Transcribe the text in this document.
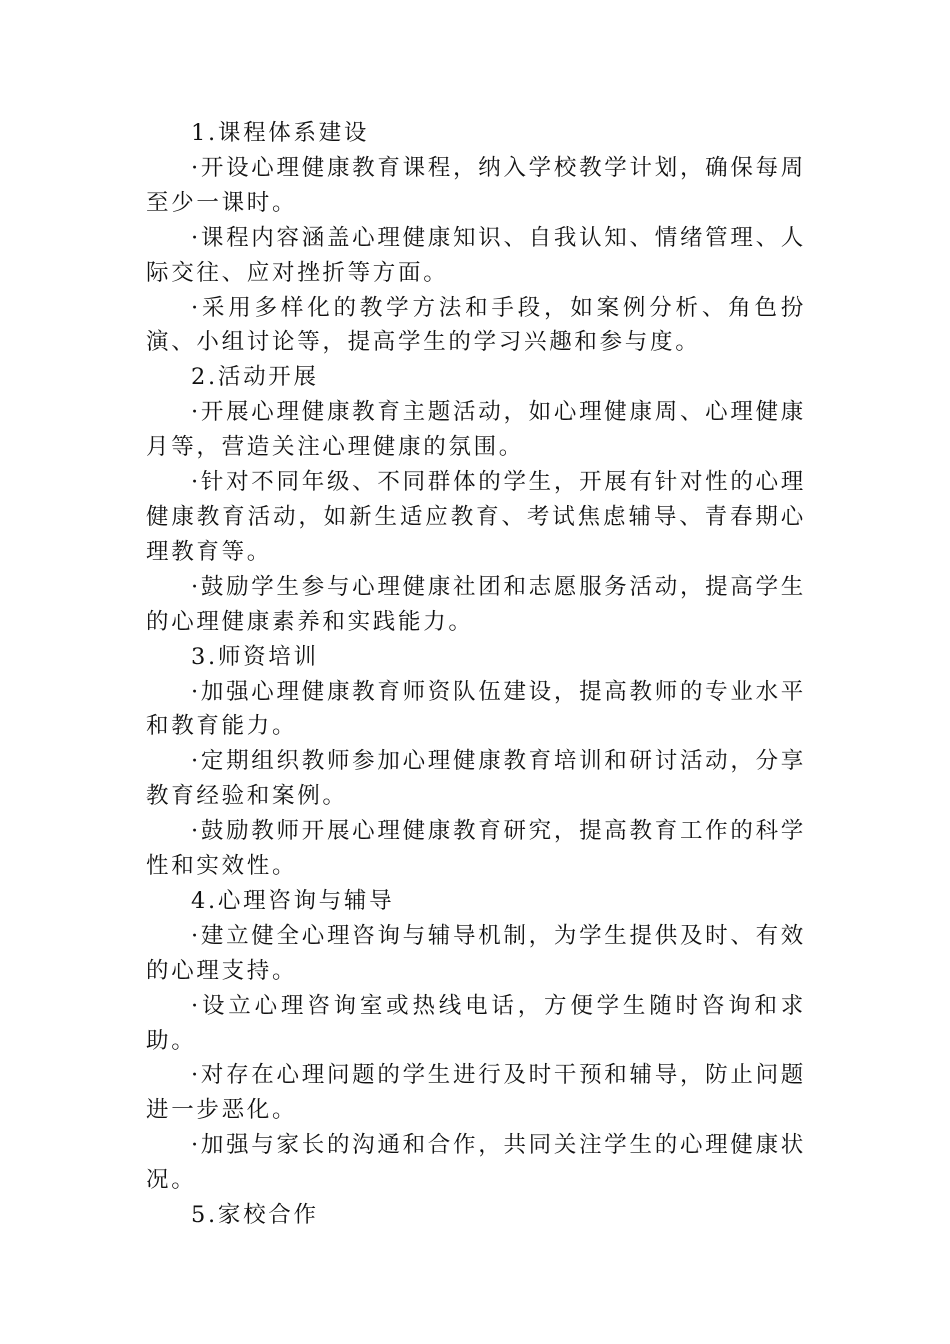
1.课程体系建设

·开设心理健康教育课程，纳入学校教学计划，确保每周至少一课时。

·课程内容涵盖心理健康知识、自我认知、情绪管理、人际交往、应对挫折等方面。

·采用多样化的教学方法和手段，如案例分析、角色扮演、小组讨论等，提高学生的学习兴趣和参与度。

2.活动开展

·开展心理健康教育主题活动，如心理健康周、心理健康月等，营造关注心理健康的氛围。

·针对不同年级、不同群体的学生，开展有针对性的心理健康教育活动，如新生适应教育、考试焦虑辅导、青春期心理教育等。

·鼓励学生参与心理健康社团和志愿服务活动，提高学生的心理健康素养和实践能力。

3.师资培训

·加强心理健康教育师资队伍建设，提高教师的专业水平和教育能力。

·定期组织教师参加心理健康教育培训和研讨活动，分享教育经验和案例。

·鼓励教师开展心理健康教育研究，提高教育工作的科学性和实效性。

4.心理咨询与辅导

·建立健全心理咨询与辅导机制，为学生提供及时、有效的心理支持。

·设立心理咨询室或热线电话，方便学生随时咨询和求助。

·对存在心理问题的学生进行及时干预和辅导，防止问题进一步恶化。

·加强与家长的沟通和合作，共同关注学生的心理健康状况。

5.家校合作
